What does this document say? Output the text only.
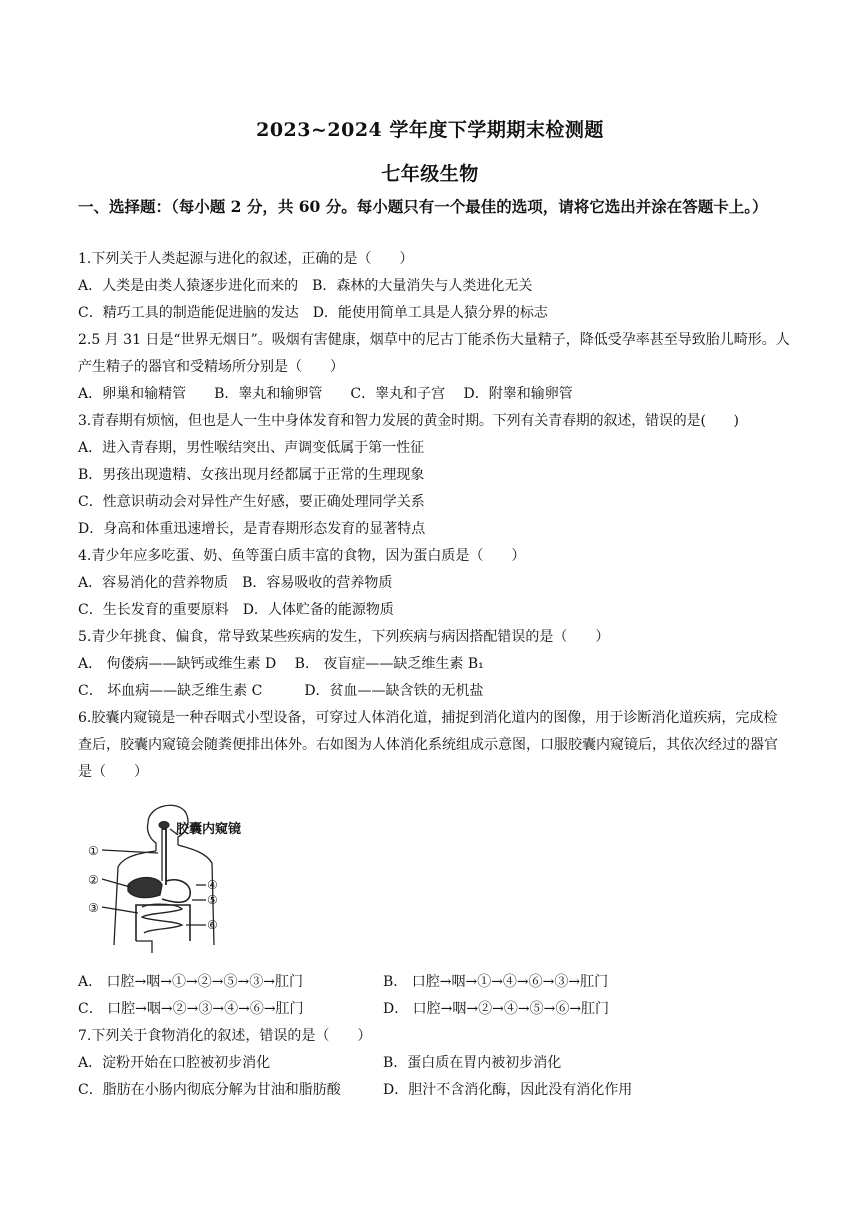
2023~2024 学年度下学期期末检测题
七年级生物
一、选择题：（每小题 2 分，共 60 分。每小题只有一个最佳的选项，请将它选出并涂在答题卡上。）
1.下列关于人类起源与进化的叙述，正确的是（　　）
A．人类是由类人猿逐步进化而来的　B．森林的大量消失与人类进化无关
C．精巧工具的制造能促进脑的发达　D．能使用简单工具是人猿分界的标志
2.5 月 31 日是“世界无烟日”。吸烟有害健康，烟草中的尼古丁能杀伤大量精子，降低受孕率甚至导致胎儿畸形。人产生精子的器官和受精场所分别是（　　）
A．卵巢和输精管　　B．睾丸和输卵管　　C．睾丸和子宫　 D．附睾和输卵管
3.青春期有烦恼，但也是人一生中身体发育和智力发展的黄金时期。下列有关青春期的叙述，错误的是(　　)
A．进入青春期，男性喉结突出、声调变低属于第一性征
B．男孩出现遗精、女孩出现月经都属于正常的生理现象
C．性意识萌动会对异性产生好感，要正确处理同学关系
D．身高和体重迅速增长，是青春期形态发育的显著特点
4.青少年应多吃蛋、奶、鱼等蛋白质丰富的食物，因为蛋白质是（　　）
A．容易消化的营养物质　B．容易吸收的营养物质
C．生长发育的重要原料　D．人体贮备的能源物质
5.青少年挑食、偏食，常导致某些疾病的发生，下列疾病与病因搭配错误的是（　　）
A． 佝偻病——缺钙或维生素 D　 B． 夜盲症——缺乏维生素 B₁
C． 坏血病——缺乏维生素 C　　　D．贫血——缺含铁的无机盐
6.胶囊内窥镜是一种吞咽式小型设备，可穿过人体消化道，捕捉到消化道内的图像，用于诊断消化道疾病，完成检查后，胶囊内窥镜会随粪便排出体外。右如图为人体消化系统组成示意图，口服胶囊内窥镜后，其依次经过的器官是（　　）
胶囊内窥镜
①
②
③
④
⑤
⑥
A． 口腔→咽→①→②→⑤→③→肛门	B． 口腔→咽→①→④→⑥→③→肛门
C． 口腔→咽→②→③→④→⑥→肛门	D． 口腔→咽→②→④→⑤→⑥→肛门
7.下列关于食物消化的叙述，错误的是（　　）
A．淀粉开始在口腔被初步消化	B．蛋白质在胃内被初步消化
C．脂肪在小肠内彻底分解为甘油和脂肪酸	D．胆汁不含消化酶，因此没有消化作用
